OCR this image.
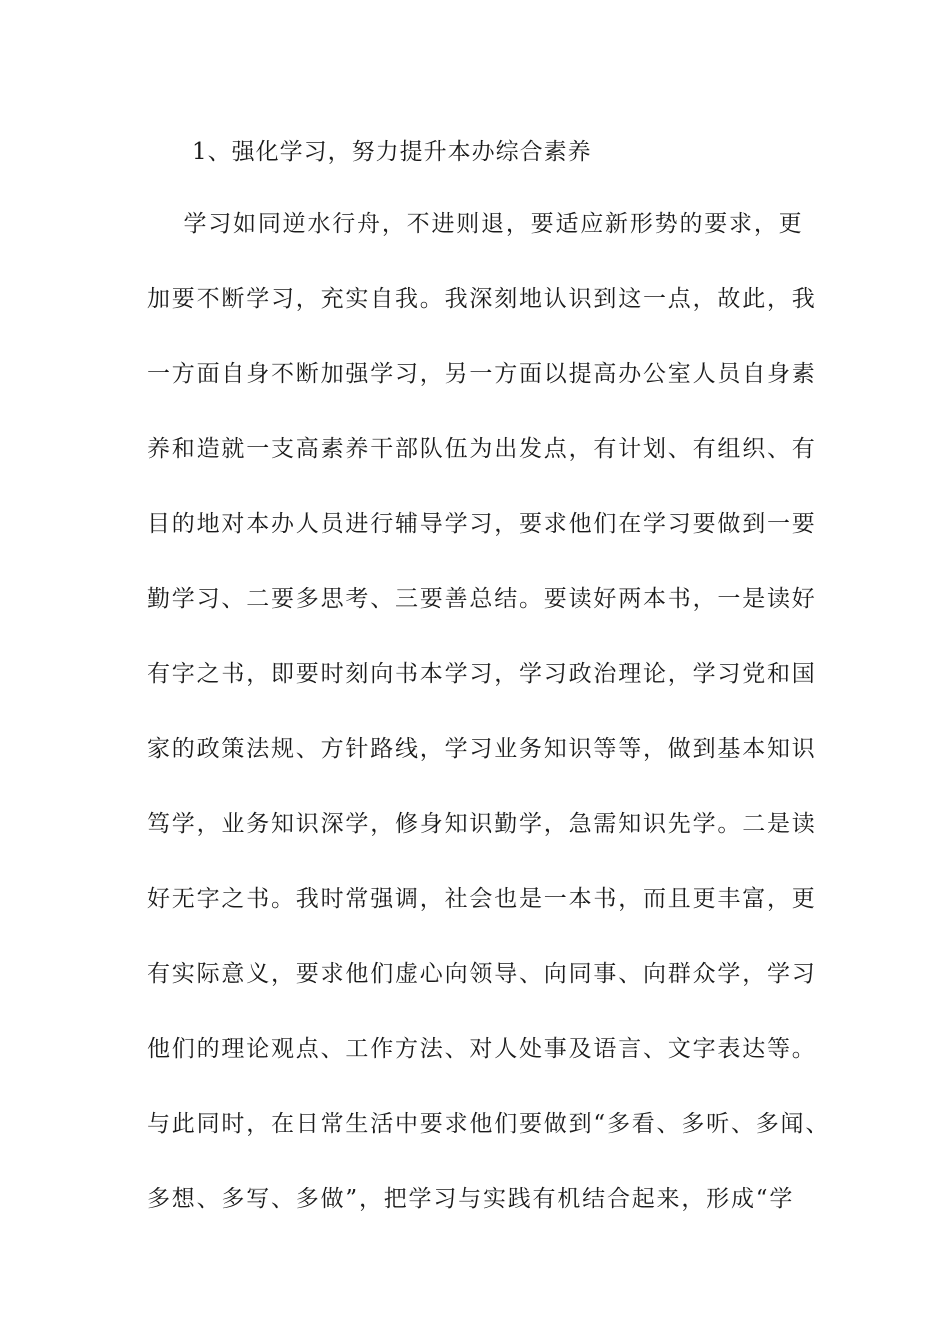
1、强化学习，努力提升本办综合素养
学习如同逆水行舟，不进则退，要适应新形势的要求，更
加要不断学习，充实自我。我深刻地认识到这一点，故此，我
一方面自身不断加强学习，另一方面以提高办公室人员自身素
养和造就一支高素养干部队伍为出发点，有计划、有组织、有
目的地对本办人员进行辅导学习，要求他们在学习要做到一要
勤学习、二要多思考、三要善总结。要读好两本书，一是读好
有字之书，即要时刻向书本学习，学习政治理论，学习党和国
家的政策法规、方针路线，学习业务知识等等，做到基本知识
笃学，业务知识深学，修身知识勤学，急需知识先学。二是读
好无字之书。我时常强调，社会也是一本书，而且更丰富，更
有实际意义，要求他们虚心向领导、向同事、向群众学，学习
他们的理论观点、工作方法、对人处事及语言、文字表达等。
与此同时，在日常生活中要求他们要做到“多看、多听、多闻、
多想、多写、多做”，把学习与实践有机结合起来，形成“学
